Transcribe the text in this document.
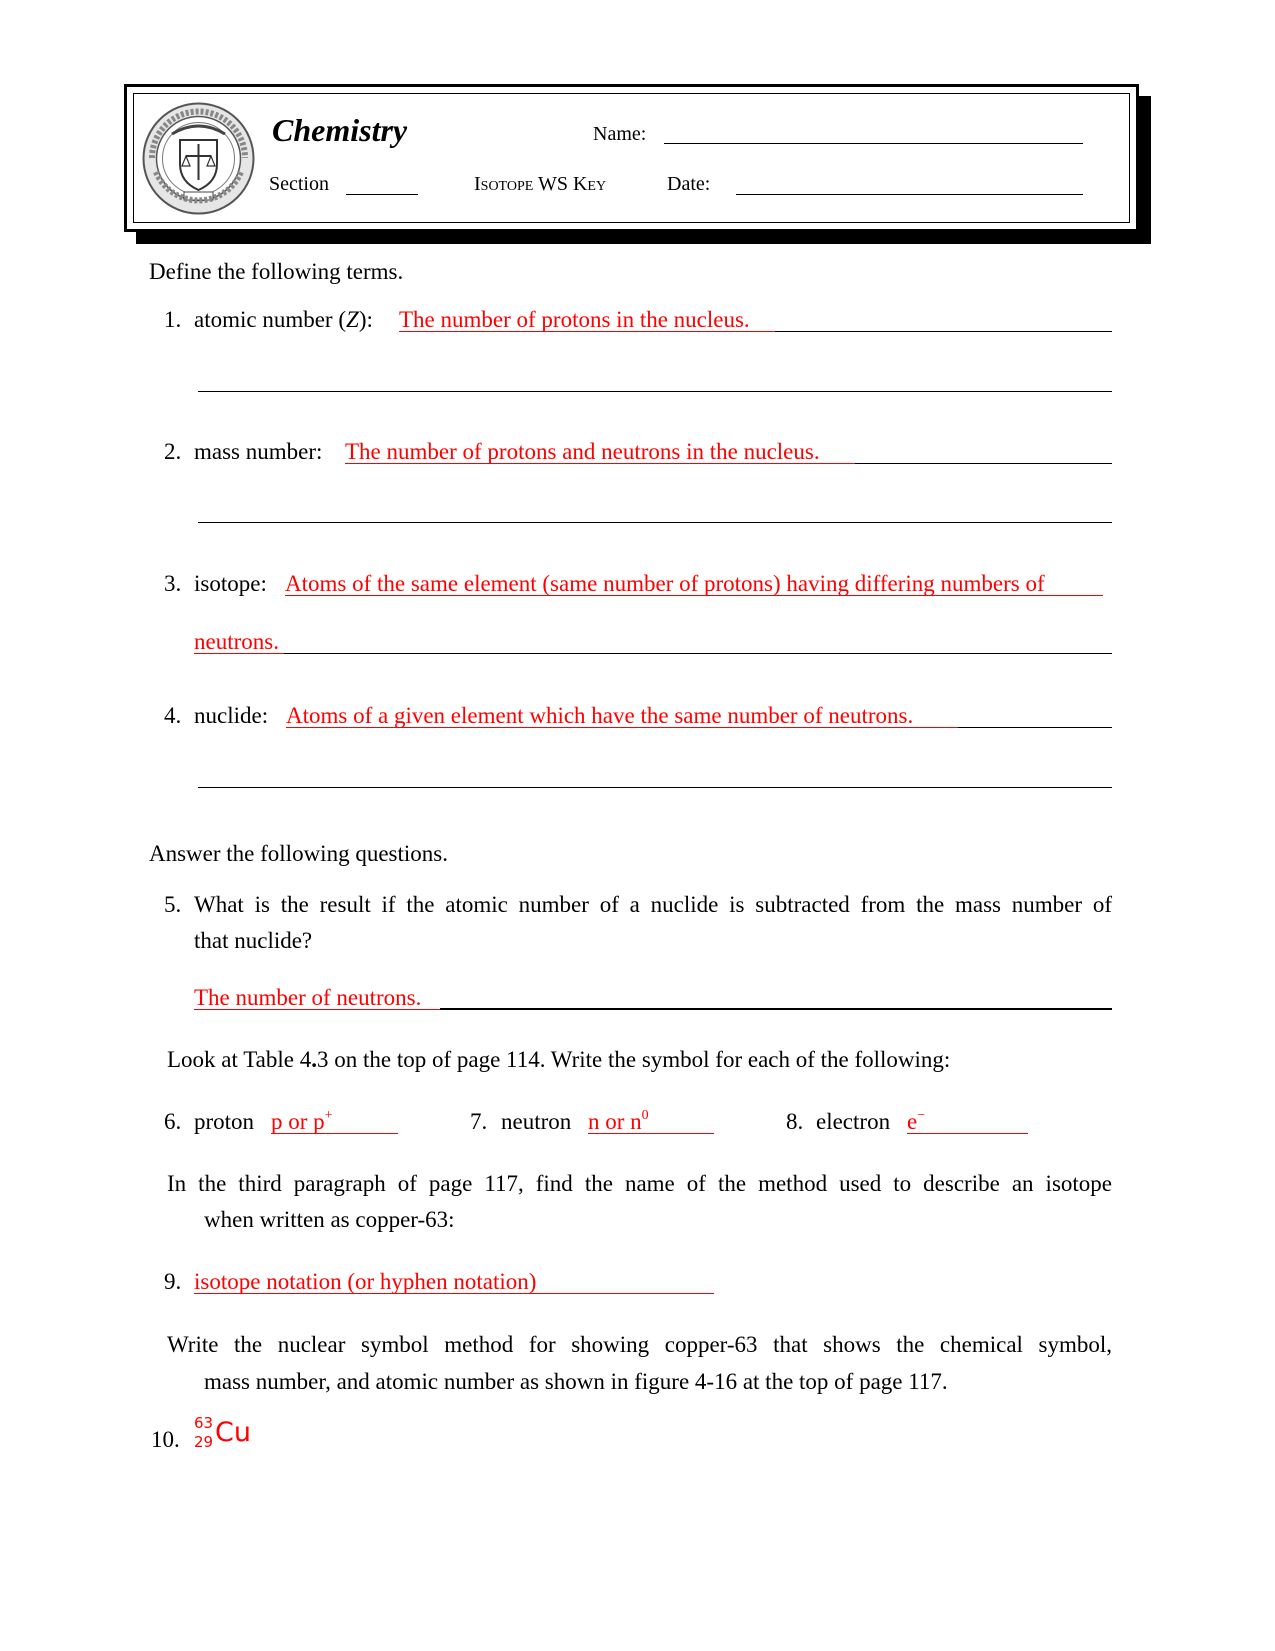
Chemistry	Name:
Section	Isotope WS Key	Date:
Define the following terms.
1. atomic number (Z): The number of protons in the nucleus.
2. mass number: The number of protons and neutrons in the nucleus.
3. isotope: Atoms of the same element (same number of protons) having differing numbers of
neutrons.
4. nuclide: Atoms of a given element which have the same number of neutrons.
Answer the following questions.
5. What is the result if the atomic number of a nuclide is subtracted from the mass number of
that nuclide?
The number of neutrons.
Look at Table 4.3 on the top of page 114. Write the symbol for each of the following:
6. proton p or p+	7. neutron n or $n^0$	8. electron e−
In the third paragraph of page 117, find the name of the method used to describe an isotope
when written as copper-63:
9. isotope notation (or hyphen notation)
Write the nuclear symbol method for showing copper-63 that shows the chemical symbol,
mass number, and atomic number as shown in figure 4-16 at the top of page 117.
10.
63
29 Cu
